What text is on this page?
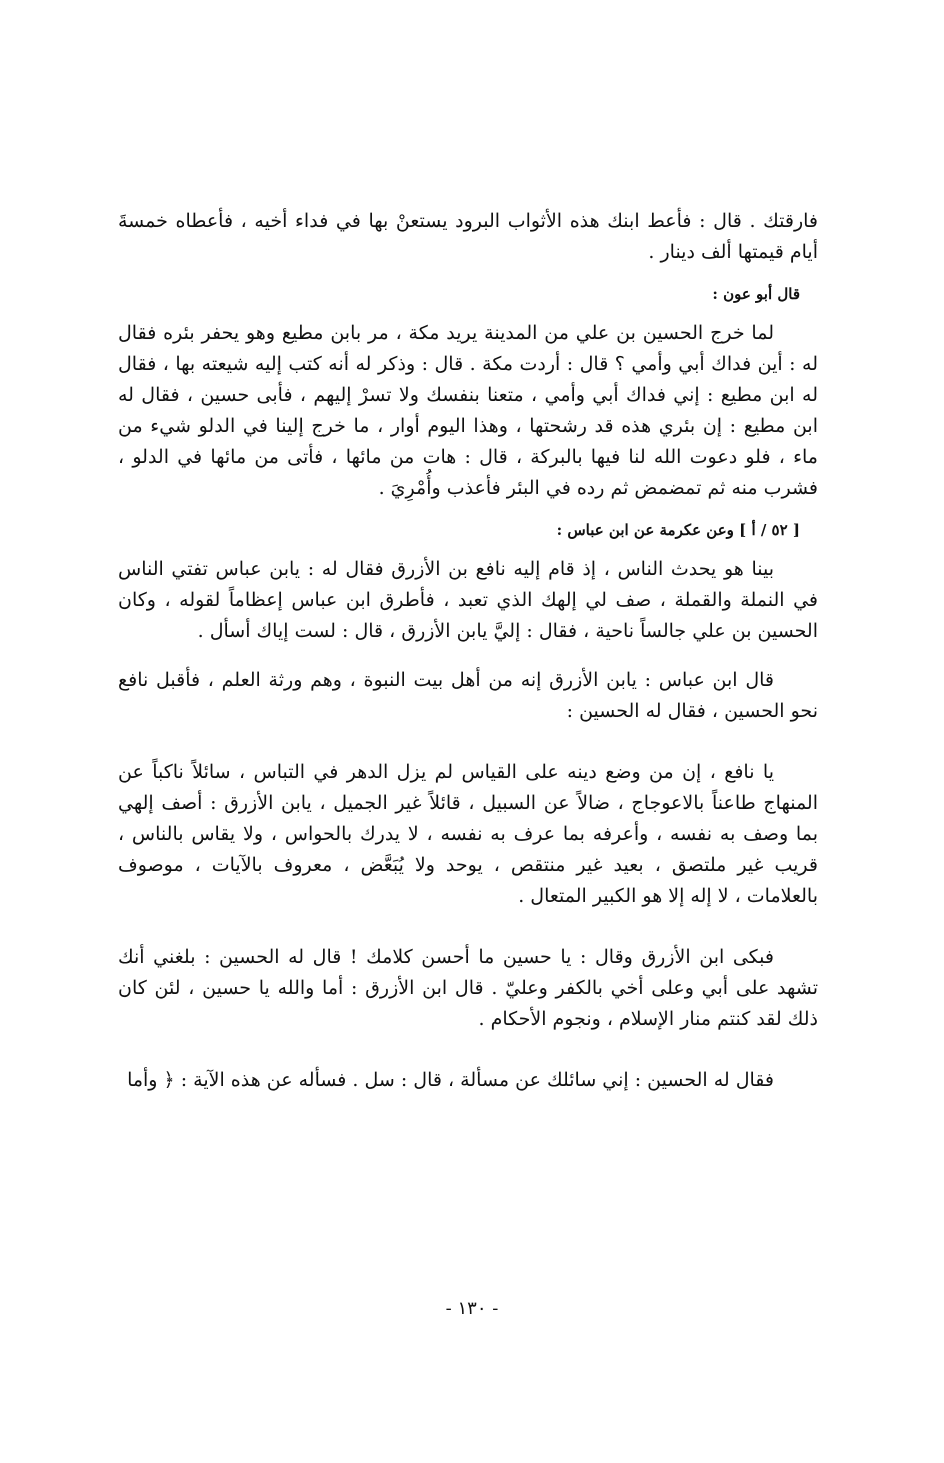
فارقتك . قال : فأعط ابنك هذه الأثواب البرود يستعنْ بها في فداء أخيه ، فأعطاه خمسةَ أيام قيمتها ألف دينار .

قال أبو عون :

لما خرج الحسين بن علي من المدينة يريد مكة ، مر بابن مطيع وهو يحفر بئره فقال له : أين فداك أبي وأمي ؟ قال : أردت مكة . قال : وذكر له أنه كتب إليه شيعته بها ، فقال له ابن مطيع : إني فداك أبي وأمي ، متعنا بنفسك ولا تسرْ إليهم ، فأبى حسين ، فقال له ابن مطيع : إن بئري هذه قد رشحتها ، وهذا اليوم أوار ، ما خرج إلينا في الدلو شيء من ماء ، فلو دعوت الله لنا فيها بالبركة ، قال : هات من مائها ، فأتى من مائها في الدلو ، فشرب منه ثم تمضمض ثم رده في البئر فأعذب وأُمْرِيَ .

[ ٥٢ / أ ] وعن عكرمة عن ابن عباس :

بينا هو يحدث الناس ، إذ قام إليه نافع بن الأزرق فقال له : يابن عباس تفتي الناس في النملة والقملة ، صف لي إلهك الذي تعبد ، فأطرق ابن عباس إعظاماً لقوله ، وكان الحسين بن علي جالساً ناحية ، فقال : إليَّ يابن الأزرق ، قال : لست إياك أسأل .

قال ابن عباس : يابن الأزرق إنه من أهل بيت النبوة ، وهم ورثة العلم ، فأقبل نافع نحو الحسين ، فقال له الحسين :

يا نافع ، إن من وضع دينه على القياس لم يزل الدهر في التباس ، سائلاً ناكباً عن المنهاج طاعناً بالاعوجاج ، ضالاً عن السبيل ، قائلاً غير الجميل ، يابن الأزرق : أصف إلهي بما وصف به نفسه ، وأعرفه بما عرف به نفسه ، لا يدرك بالحواس ، ولا يقاس بالناس ، قريب غير ملتصق ، بعيد غير منتقص ، يوحد ولا يُبَعَّض ، معروف بالآيات ، موصوف بالعلامات ، لا إله إلا هو الكبير المتعال .

فبكى ابن الأزرق وقال : يا حسين ما أحسن كلامك ! قال له الحسين : بلغني أنك تشهد على أبي وعلى أخي بالكفر وعليّ . قال ابن الأزرق : أما والله يا حسين ، لئن كان ذلك لقد كنتم منار الإسلام ، ونجوم الأحكام .

فقال له الحسين : إني سائلك عن مسألة ، قال : سل . فسأله عن هذه الآية : ﴿ وأما

- ١٣٠ -
